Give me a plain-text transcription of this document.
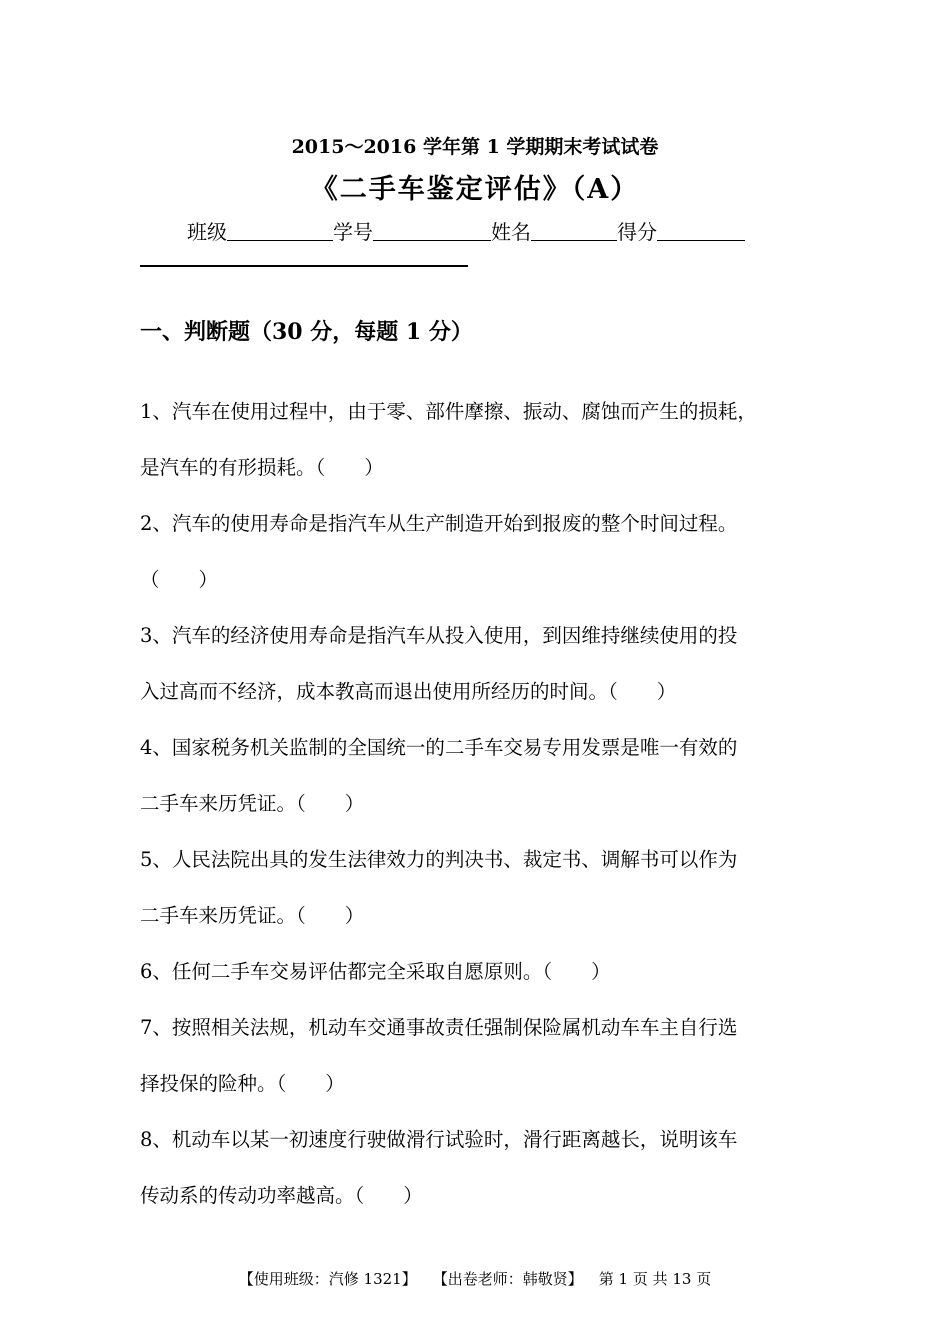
2015～2016 学年第 1 学期期末考试试卷
《二手车鉴定评估》（A）
班级	学号	姓名	得分
一、判断题（30 分，每题 1 分）

1、汽车在使用过程中，由于零、部件摩擦、振动、腐蚀而产生的损耗，

是汽车的有形损耗。（　　）

2、汽车的使用寿命是指汽车从生产制造开始到报废的整个时间过程。

（　　）

3、汽车的经济使用寿命是指汽车从投入使用，到因维持继续使用的投

入过高而不经济，成本教高而退出使用所经历的时间。（　　）

4、国家税务机关监制的全国统一的二手车交易专用发票是唯一有效的

二手车来历凭证。（　　）

5、人民法院出具的发生法律效力的判决书、裁定书、调解书可以作为

二手车来历凭证。（　　）

6、任何二手车交易评估都完全采取自愿原则。（　　）

7、按照相关法规，机动车交通事故责任强制保险属机动车车主自行选

择投保的险种。（　　）

8、机动车以某一初速度行驶做滑行试验时，滑行距离越长，说明该车

传动系的传动功率越高。（　　）

【使用班级：汽修 1321】 【出卷老师：韩敬贤】 第 1 页 共 13 页
